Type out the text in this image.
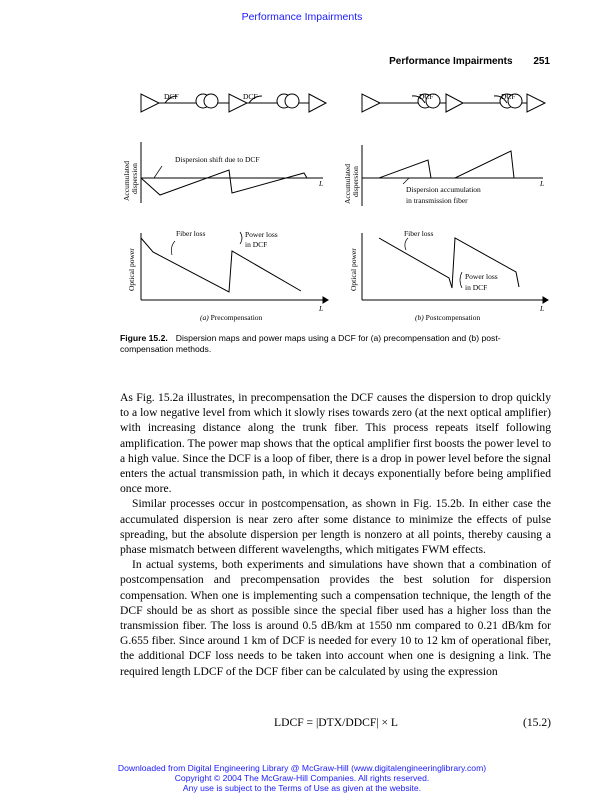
Performance Impairments
Performance Impairments 251
DCF	DCF
Dispersion shift due to DCF
L
Accumulated dispersion
Fiber loss	Power loss
in DCF
L
Optical power
(a) Precompensation
DCF	DCF
Dispersion accumulation
in transmission fiber
L
Accumulated dispersion
Fiber loss
Power loss
in DCF
L
Optical power
(b) Postcompensation
Figure 15.2. Dispersion maps and power maps using a DCF for (a) precompensation and (b) post-compensation methods.

As Fig. 15.2a illustrates, in precompensation the DCF causes the dispersion to drop quickly to a low negative level from which it slowly rises towards zero (at the next optical amplifier) with increasing distance along the trunk fiber. This process repeats itself following amplification. The power map shows that the optical amplifier first boosts the power level to a high value. Since the DCF is a loop of fiber, there is a drop in power level before the signal enters the actual transmission path, in which it decays exponentially before being amplified once more.

Similar processes occur in postcompensation, as shown in Fig. 15.2b. In either case the accumulated dispersion is near zero after some distance to minimize the effects of pulse spreading, but the absolute dispersion per length is nonzero at all points, thereby causing a phase mismatch between different wavelengths, which mitigates FWM effects.

In actual systems, both experiments and simulations have shown that a combination of postcompensation and precompensation provides the best solution for dispersion compensation. When one is implementing such a compensation technique, the length of the DCF should be as short as possible since the special fiber used has a higher loss than the transmission fiber. The loss is around 0.5 dB/km at 1550 nm compared to 0.21 dB/km for G.655 fiber. Since around 1 km of DCF is needed for every 10 to 12 km of operational fiber, the additional DCF loss needs to be taken into account when one is designing a link. The required length LDCF of the DCF fiber can be calculated by using the expression

LDCF = |DTX/DDCF| × L	(15.2)
Downloaded from Digital Engineering Library @ McGraw-Hill (www.digitalengineeringlibrary.com)
Copyright © 2004 The McGraw-Hill Companies. All rights reserved.
Any use is subject to the Terms of Use as given at the website.
